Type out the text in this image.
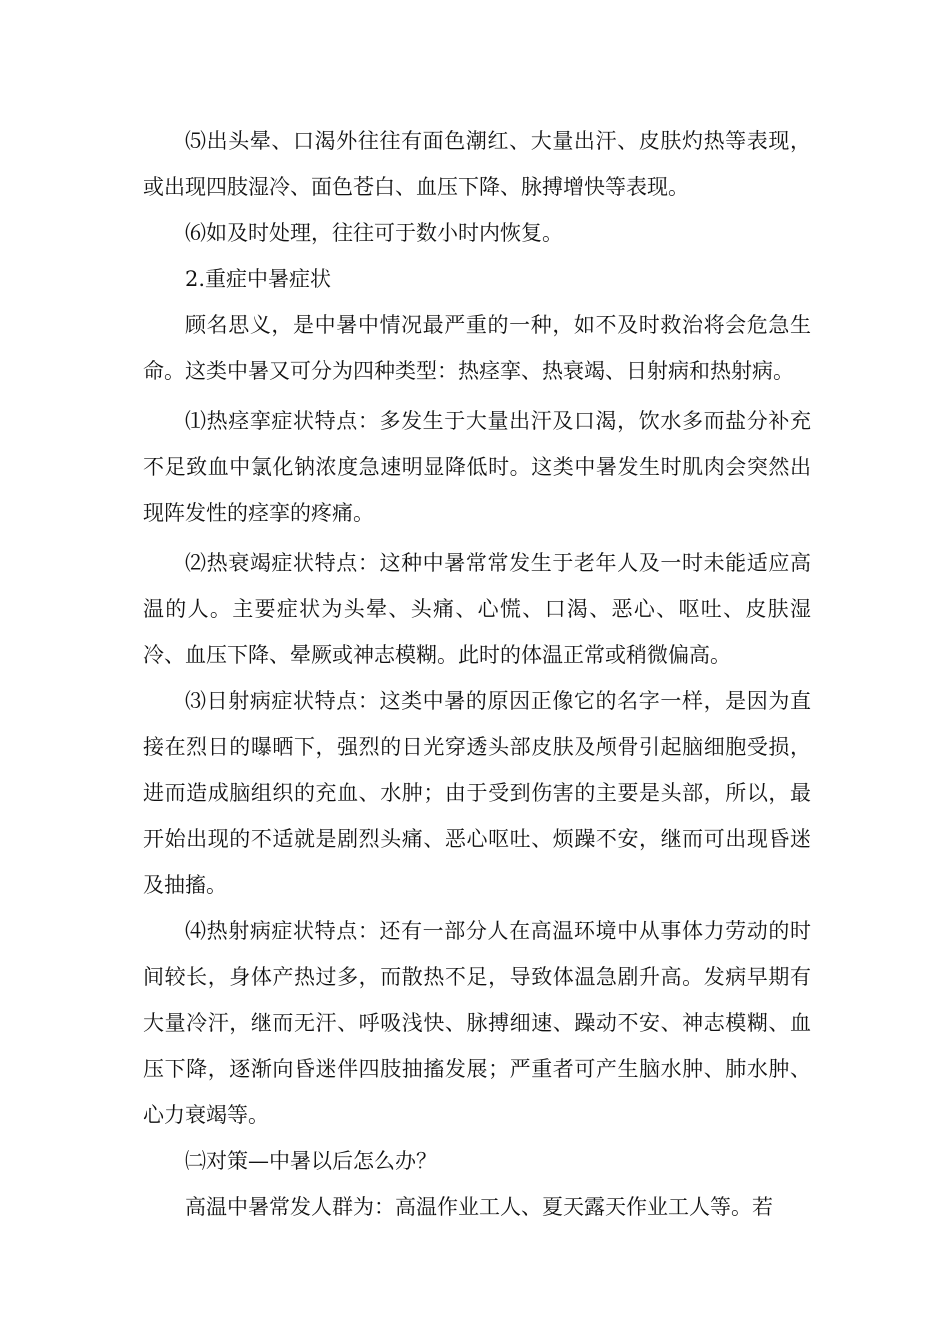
⑸出头晕、口渴外往往有面色潮红、大量出汗、皮肤灼热等表现，或出现四肢湿冷、面色苍白、血压下降、脉搏增快等表现。

⑹如及时处理，往往可于数小时内恢复。

2.重症中暑症状

顾名思义，是中暑中情况最严重的一种，如不及时救治将会危急生命。这类中暑又可分为四种类型：热痉挛、热衰竭、日射病和热射病。

⑴热痉挛症状特点：多发生于大量出汗及口渴，饮水多而盐分补充不足致血中氯化钠浓度急速明显降低时。这类中暑发生时肌肉会突然出现阵发性的痉挛的疼痛。

⑵热衰竭症状特点：这种中暑常常发生于老年人及一时未能适应高温的人。主要症状为头晕、头痛、心慌、口渴、恶心、呕吐、皮肤湿冷、血压下降、晕厥或神志模糊。此时的体温正常或稍微偏高。

⑶日射病症状特点：这类中暑的原因正像它的名字一样，是因为直接在烈日的曝晒下，强烈的日光穿透头部皮肤及颅骨引起脑细胞受损，进而造成脑组织的充血、水肿；由于受到伤害的主要是头部，所以，最开始出现的不适就是剧烈头痛、恶心呕吐、烦躁不安，继而可出现昏迷及抽搐。

⑷热射病症状特点：还有一部分人在高温环境中从事体力劳动的时间较长，身体产热过多，而散热不足，导致体温急剧升高。发病早期有大量冷汗，继而无汗、呼吸浅快、脉搏细速、躁动不安、神志模糊、血压下降，逐渐向昏迷伴四肢抽搐发展；严重者可产生脑水肿、肺水肿、心力衰竭等。

㈡对策—中暑以后怎么办？

高温中暑常发人群为：高温作业工人、夏天露天作业工人等。若
